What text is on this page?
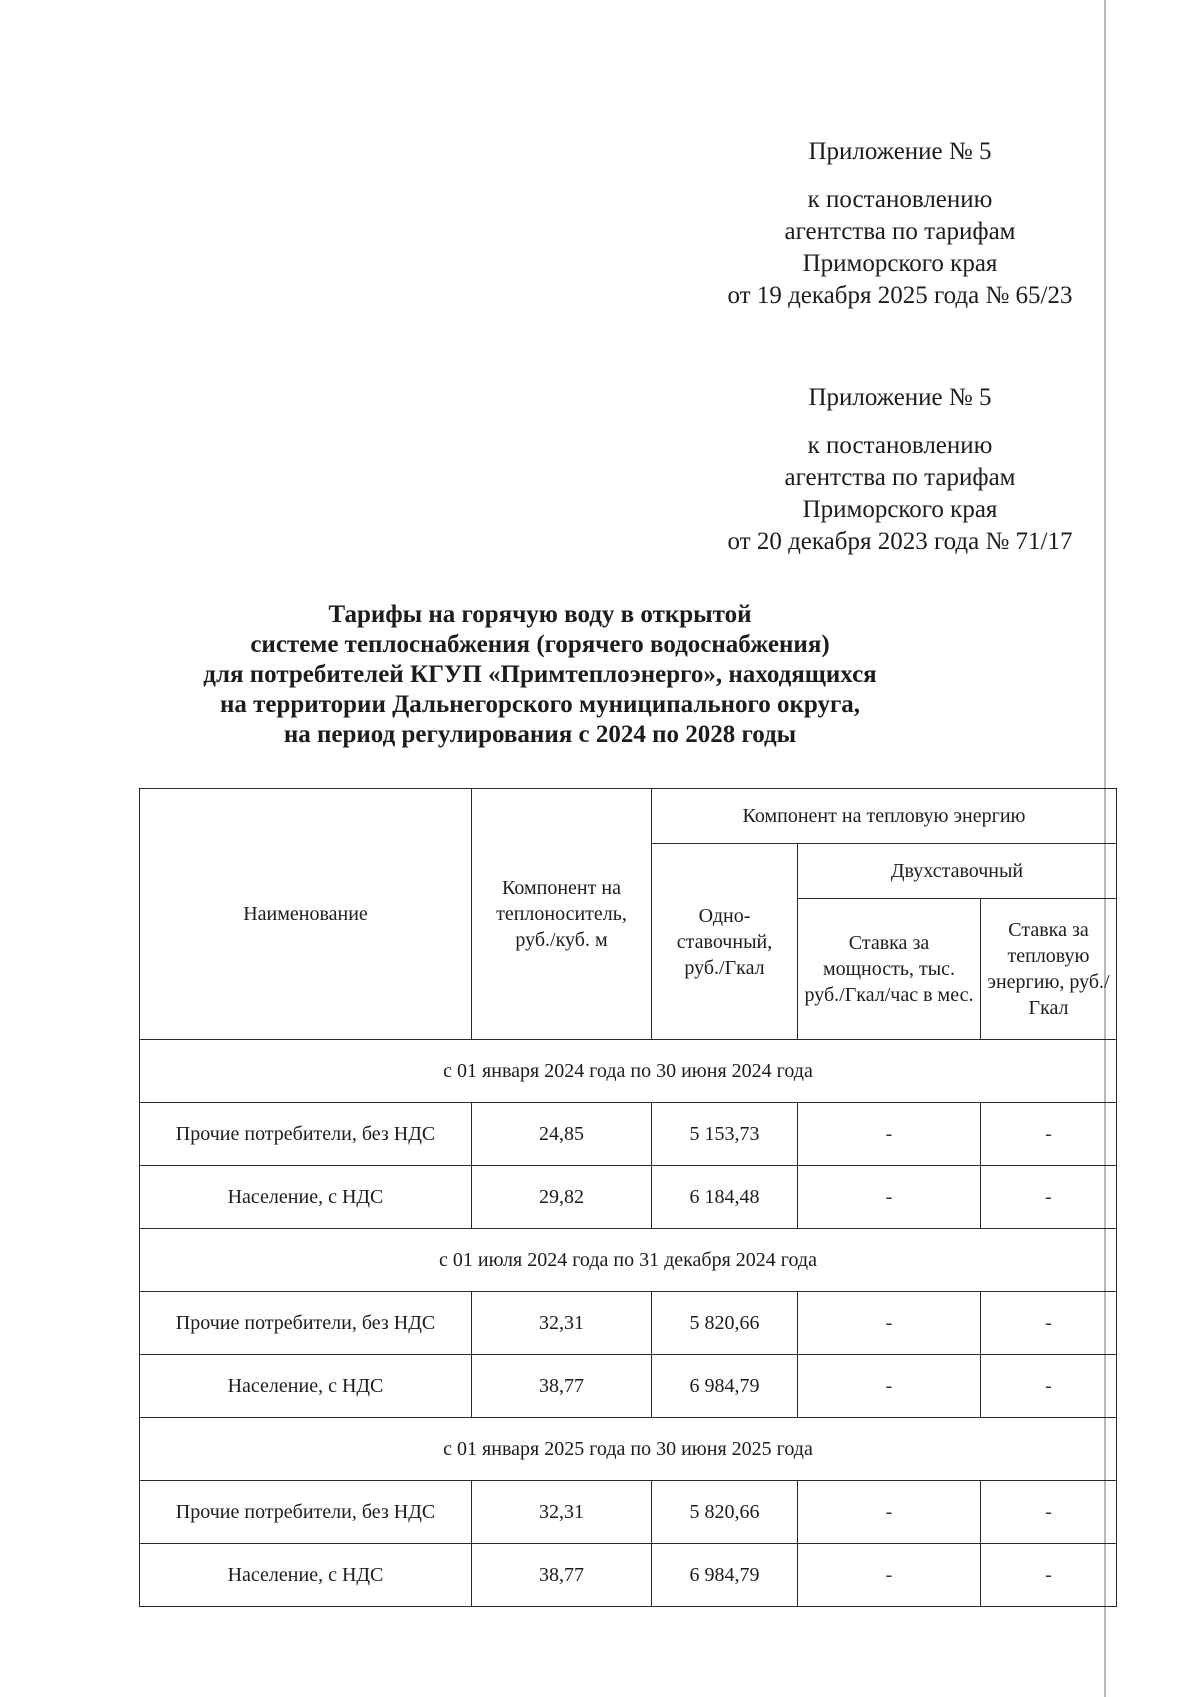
Приложение № 5

к постановлению

агентства по тарифам

Приморского края

от 19 декабря 2025 года № 65/23

Приложение № 5

к постановлению

агентства по тарифам

Приморского края

от 20 декабря 2023 года № 71/17

Тарифы на горячую воду в открытой

системе теплоснабжения (горячего водоснабжения)

для потребителей КГУП «Примтеплоэнерго», находящихся

на территории Дальнегорского муниципального округа,

на период регулирования с 2024 по 2028 годы

Наименование	Компонент на теплоноситель, руб./куб. м	Компонент на тепловую энергию		
		Одно-ставочный, руб./Гкал	Двухставочный	
			Ставка за мощность, тыс. руб./Гкал/час в мес.	Ставка за тепловую энергию, руб./Гкал
с 01 января 2024 года по 30 июня 2024 года				
Прочие потребители, без НДС	24,85	5 153,73	-	-
Население, с НДС	29,82	6 184,48	-	-
с 01 июля 2024 года по 31 декабря 2024 года				
Прочие потребители, без НДС	32,31	5 820,66	-	-
Население, с НДС	38,77	6 984,79	-	-
с 01 января 2025 года по 30 июня 2025 года				
Прочие потребители, без НДС	32,31	5 820,66	-	-
Население, с НДС	38,77	6 984,79	-	-
